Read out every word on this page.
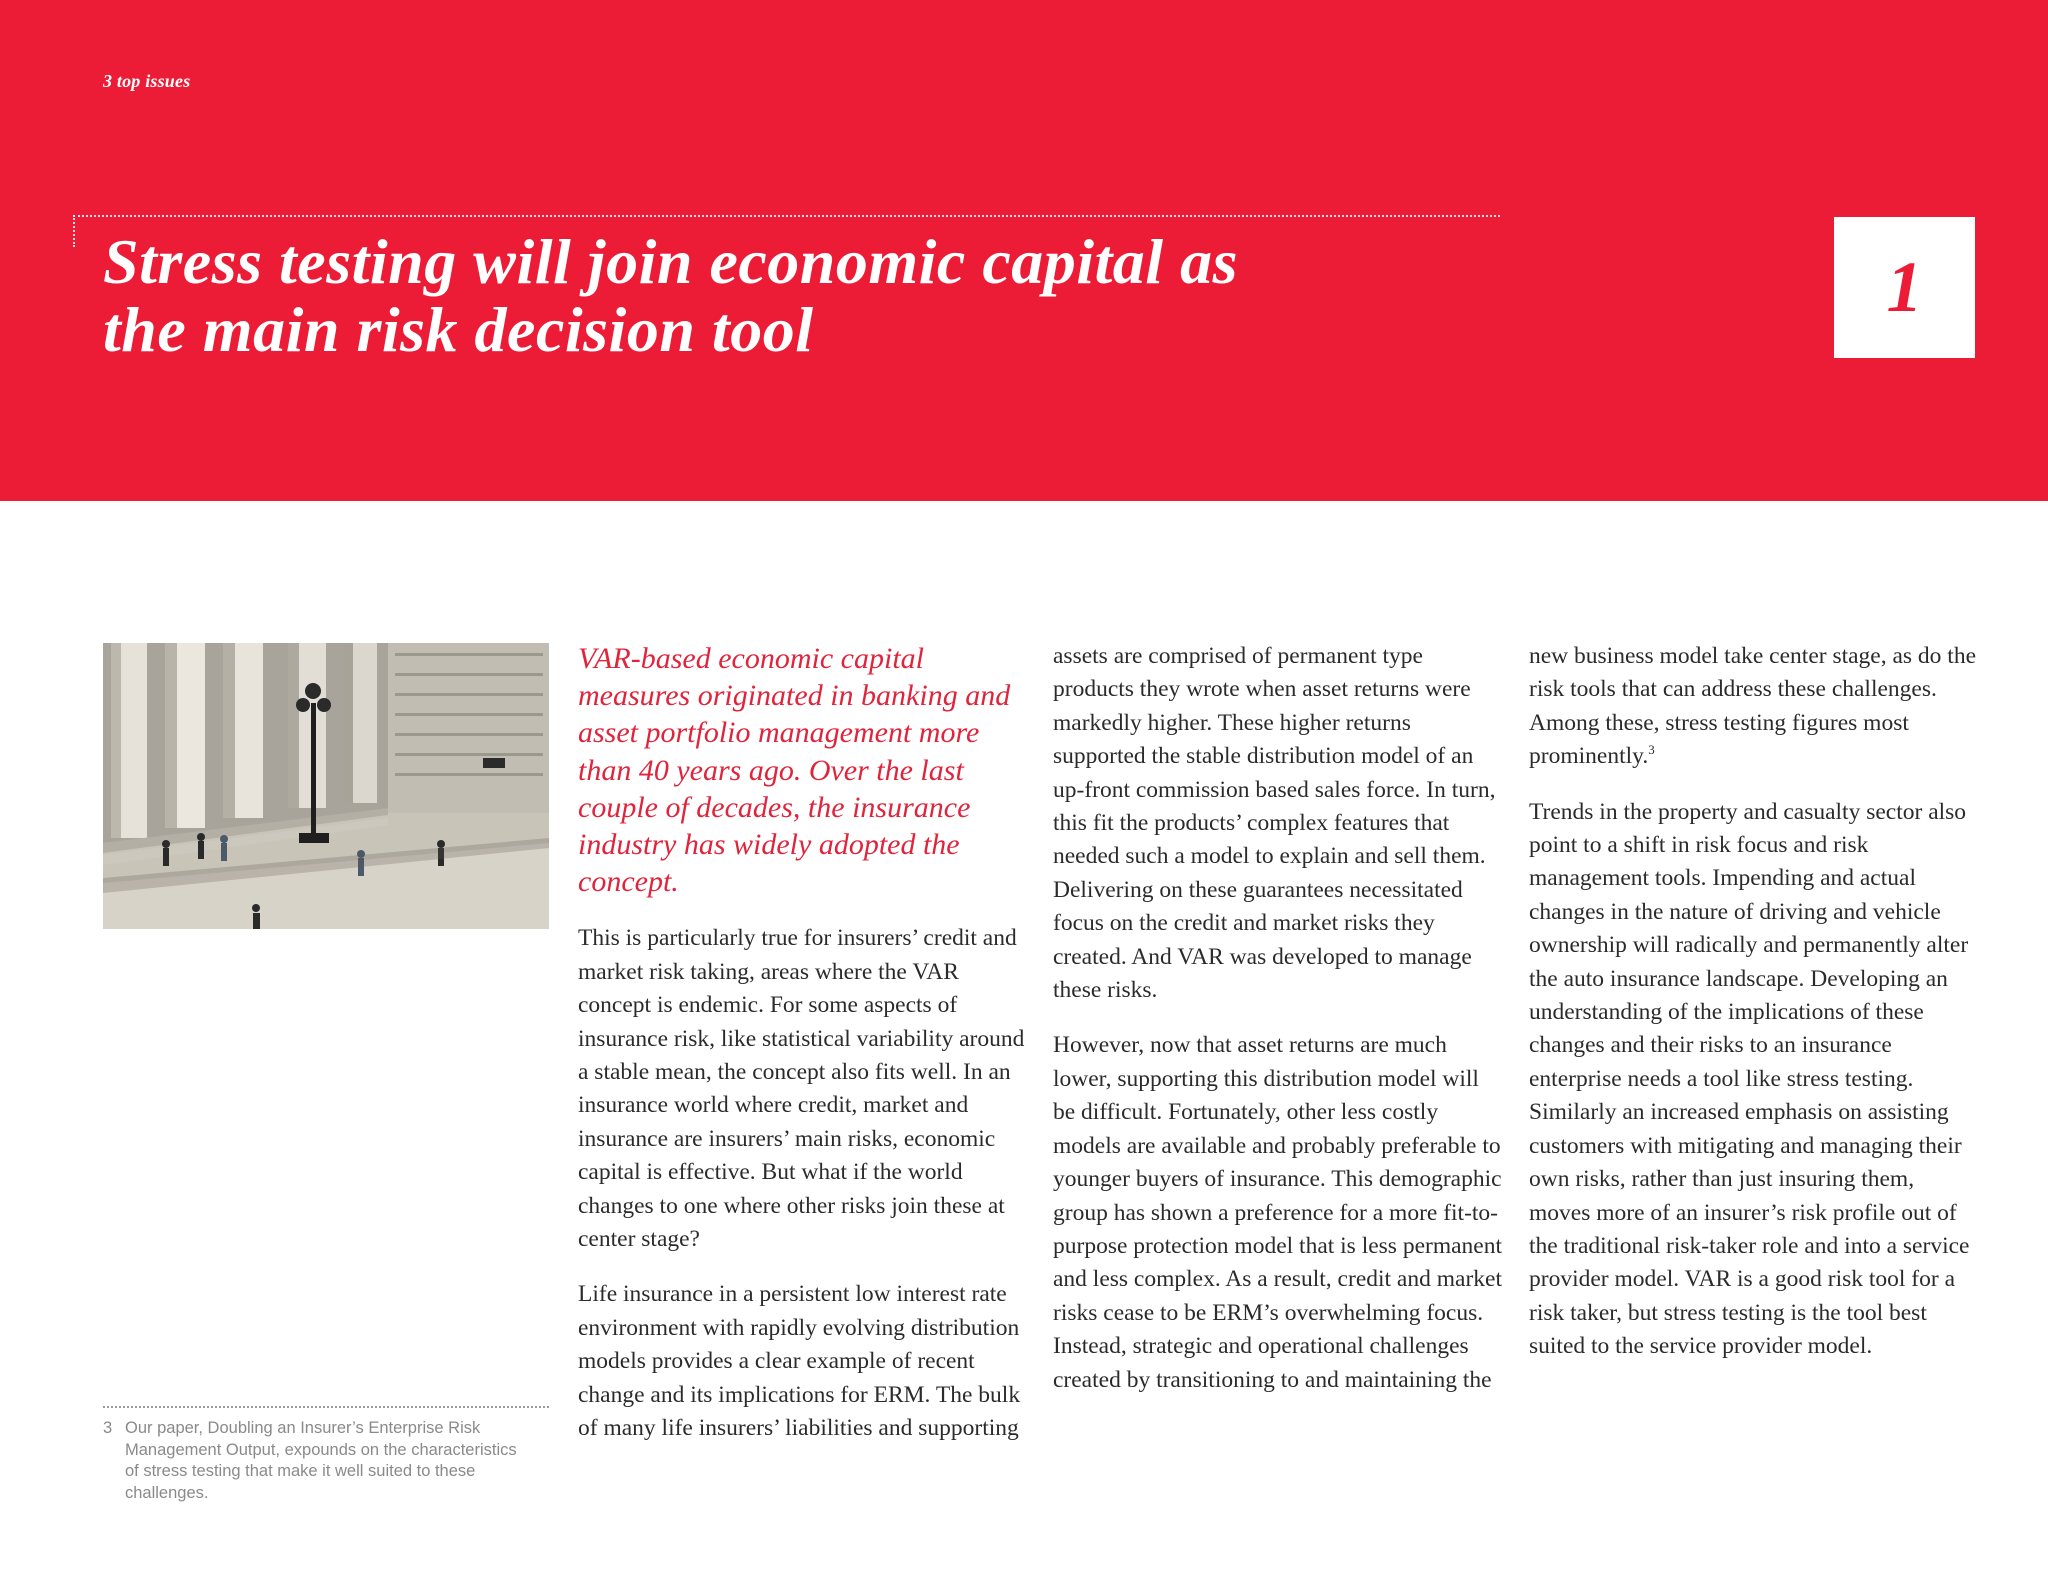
3 top issues
Stress testing will join economic capital as
the main risk decision tool
1
3 Our paper, Doubling an Insurer’s Enterprise Risk Management Output, expounds on the characteristics of stress testing that make it well suited to these challenges.

VAR-based economic capital measures originated in banking and asset portfolio management more than 40 years ago. Over the last couple of decades, the insurance industry has widely adopted the concept.

This is particularly true for insurers’ credit and market risk taking, areas where the VAR concept is endemic. For some aspects of insurance risk, like statistical variability around a stable mean, the concept also fits well. In an insurance world where credit, market and insurance are insurers’ main risks, economic capital is effective. But what if the world changes to one where other risks join these at center stage?

Life insurance in a persistent low interest rate environment with rapidly evolving distribution models provides a clear example of recent change and its implications for ERM. The bulk of many life insurers’ liabilities and supporting

assets are comprised of permanent type products they wrote when asset returns were markedly higher. These higher returns supported the stable distribution model of an up-front commission based sales force. In turn, this fit the products’ complex features that needed such a model to explain and sell them. Delivering on these guarantees necessitated focus on the credit and market risks they created. And VAR was developed to manage these risks.

However, now that asset returns are much lower, supporting this distribution model will be difficult. Fortunately, other less costly models are available and probably preferable to younger buyers of insurance. This demographic group has shown a preference for a more fit-to-purpose protection model that is less permanent and less complex. As a result, credit and market risks cease to be ERM’s overwhelming focus. Instead, strategic and operational challenges created by transitioning to and maintaining the

new business model take center stage, as do the risk tools that can address these challenges. Among these, stress testing figures most prominently.$^3$

Trends in the property and casualty sector also point to a shift in risk focus and risk management tools. Impending and actual changes in the nature of driving and vehicle ownership will radically and permanently alter the auto insurance landscape. Developing an understanding of the implications of these changes and their risks to an insurance enterprise needs a tool like stress testing. Similarly an increased emphasis on assisting customers with mitigating and managing their own risks, rather than just insuring them, moves more of an insurer’s risk profile out of the traditional risk-taker role and into a service provider model. VAR is a good risk tool for a risk taker, but stress testing is the tool best suited to the service provider model.
